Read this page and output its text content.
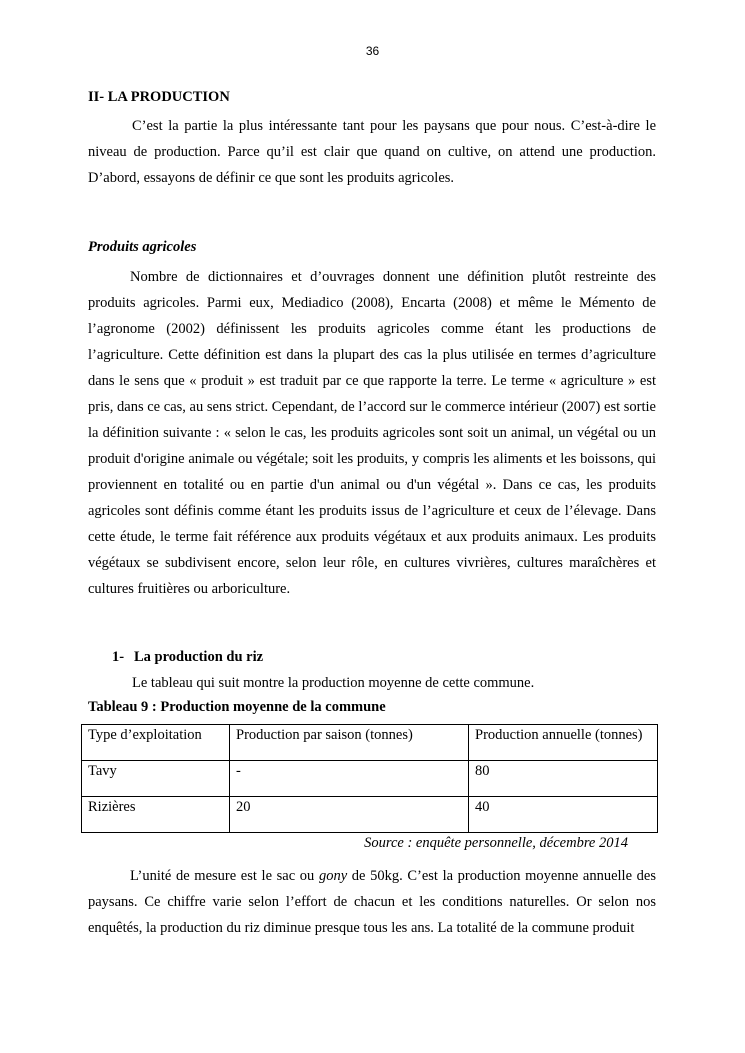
36

II- LA PRODUCTION

C’est la partie la plus intéressante tant pour les paysans que pour nous. C’est-à-dire le niveau de production. Parce qu’il est clair que quand on cultive, on attend une production. D’abord, essayons de définir ce que sont les produits agricoles.

Produits agricoles

Nombre de dictionnaires et d’ouvrages donnent une définition plutôt restreinte des produits agricoles. Parmi eux, Mediadico (2008), Encarta (2008) et même le Mémento de l’agronome (2002) définissent les produits agricoles comme étant les productions de l’agriculture. Cette définition est dans la plupart des cas la plus utilisée en termes d’agriculture dans le sens que « produit » est traduit par ce que rapporte la terre. Le terme « agriculture » est pris, dans ce cas, au sens strict. Cependant, de l’accord sur le commerce intérieur (2007) est sortie la définition suivante : « selon le cas, les produits agricoles sont soit un animal, un végétal ou un produit d'origine animale ou végétale; soit les produits, y compris les aliments et les boissons, qui proviennent en totalité ou en partie d'un animal ou d'un végétal ». Dans ce cas, les produits agricoles sont définis comme étant les produits issus de l’agriculture et ceux de l’élevage. Dans cette étude, le terme fait référence aux produits végétaux et aux produits animaux. Les produits végétaux se subdivisent encore, selon leur rôle, en cultures vivrières, cultures maraîchères et cultures fruitières ou arboriculture.

1- La production du riz

Le tableau qui suit montre la production moyenne de cette commune.

Tableau 9 : Production moyenne de la commune

Type d’exploitation	Production par saison (tonnes)	Production annuelle (tonnes)
Tavy	-	80
Rizières	20	40

Source : enquête personnelle, décembre 2014

L’unité de mesure est le sac ou gony de 50kg. C’est la production moyenne annuelle des paysans. Ce chiffre varie selon l’effort de chacun et les conditions naturelles. Or selon nos enquêtés, la production du riz diminue presque tous les ans. La totalité de la commune produit
